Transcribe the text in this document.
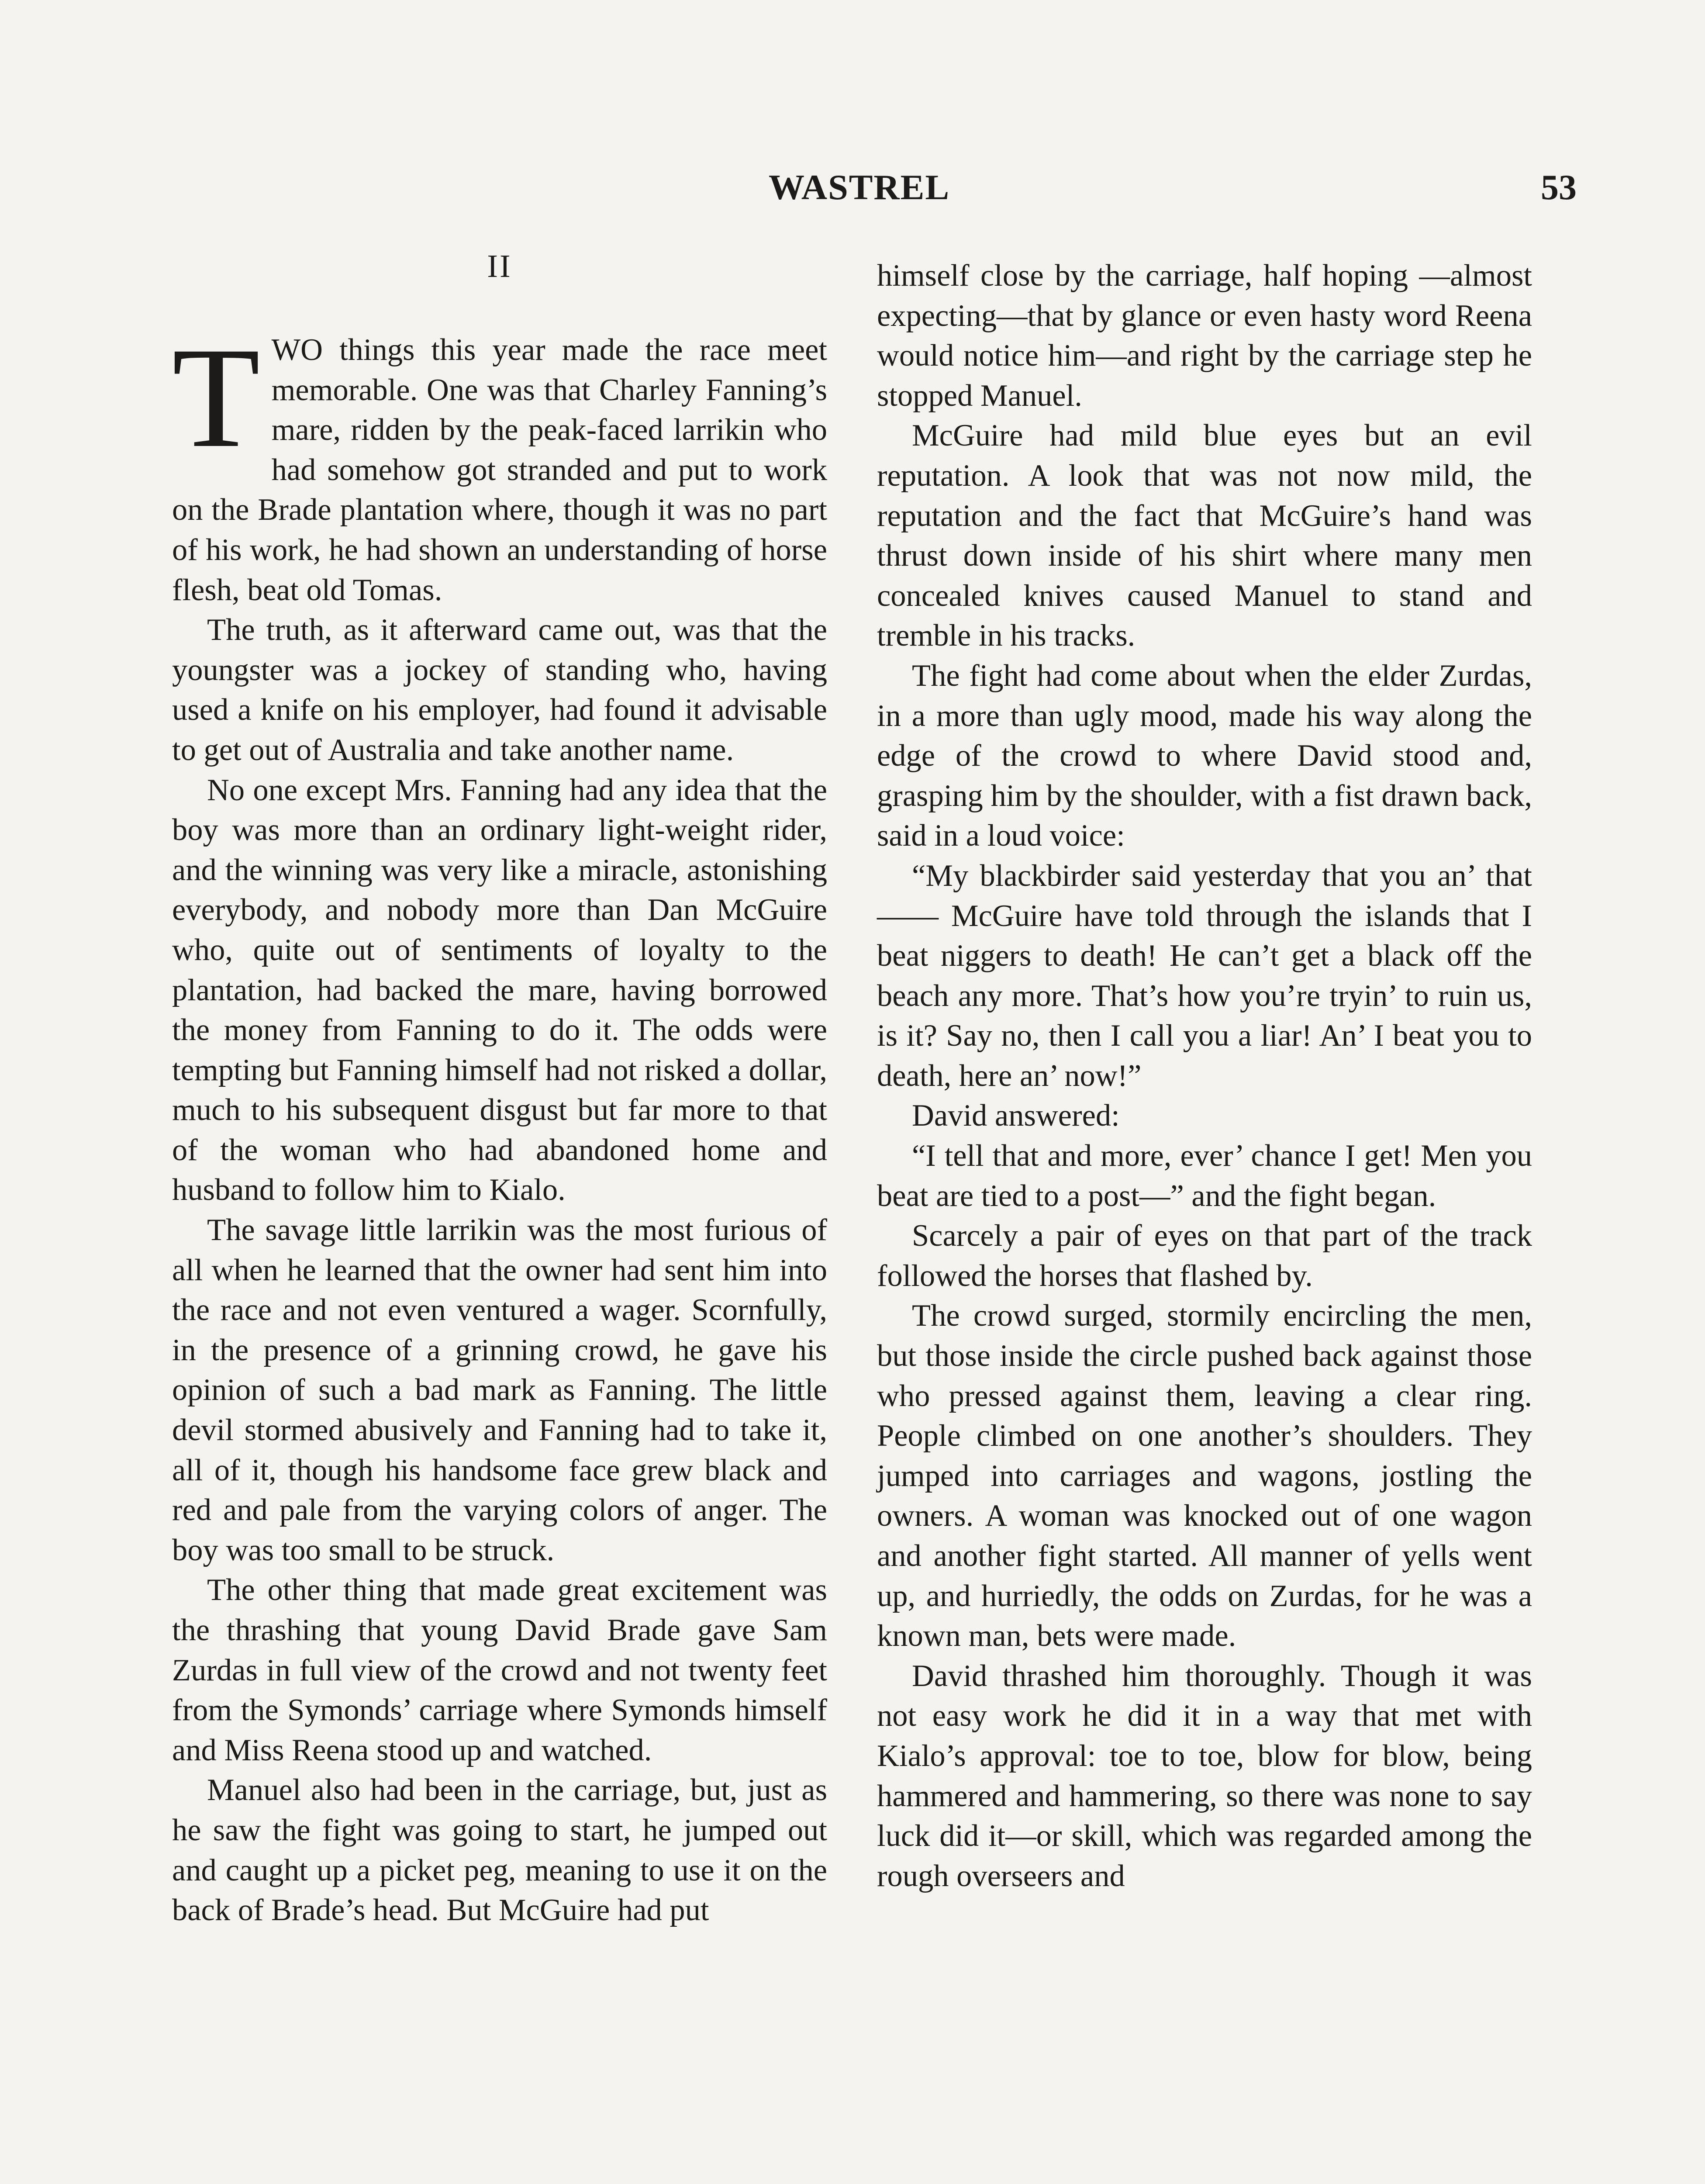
WASTREL	53
II

TWO things this year made the race meet memorable. One was that Charley Fanning’s mare, ridden by the peak-faced larrikin who had somehow got stranded and put to work on the Brade plantation where, though it was no part of his work, he had shown an understanding of horse flesh, beat old Tomas.

The truth, as it afterward came out, was that the youngster was a jockey of standing who, having used a knife on his employer, had found it advisable to get out of Australia and take another name.

No one except Mrs. Fanning had any idea that the boy was more than an ordinary light-weight rider, and the winning was very like a miracle, astonishing everybody, and nobody more than Dan McGuire who, quite out of sentiments of loyalty to the plantation, had backed the mare, having borrowed the money from Fanning to do it. The odds were tempting but Fanning himself had not risked a dollar, much to his subsequent disgust but far more to that of the woman who had abandoned home and husband to follow him to Kialo.

The savage little larrikin was the most furious of all when he learned that the owner had sent him into the race and not even ventured a wager. Scornfully, in the presence of a grinning crowd, he gave his opinion of such a bad mark as Fanning. The little devil stormed abusively and Fanning had to take it, all of it, though his handsome face grew black and red and pale from the varying colors of anger. The boy was too small to be struck.

The other thing that made great excitement was the thrashing that young David Brade gave Sam Zurdas in full view of the crowd and not twenty feet from the Symonds’ carriage where Symonds himself and Miss Reena stood up and watched.

Manuel also had been in the carriage, but, just as he saw the fight was going to start, he jumped out and caught up a picket peg, meaning to use it on the back of Brade’s head. But McGuire had put

himself close by the carriage, half hoping —almost expecting—that by glance or even hasty word Reena would notice him—and right by the carriage step he stopped Manuel.

McGuire had mild blue eyes but an evil reputation. A look that was not now mild, the reputation and the fact that McGuire’s hand was thrust down inside of his shirt where many men concealed knives caused Manuel to stand and tremble in his tracks.

The fight had come about when the elder Zurdas, in a more than ugly mood, made his way along the edge of the crowd to where David stood and, grasping him by the shoulder, with a fist drawn back, said in a loud voice:

“My blackbirder said yesterday that you an’ that —— McGuire have told through the islands that I beat niggers to death! He can’t get a black off the beach any more. That’s how you’re tryin’ to ruin us, is it? Say no, then I call you a liar! An’ I beat you to death, here an’ now!”

David answered:

“I tell that and more, ever’ chance I get! Men you beat are tied to a post—” and the fight began.

Scarcely a pair of eyes on that part of the track followed the horses that flashed by.

The crowd surged, stormily encircling the men, but those inside the circle pushed back against those who pressed against them, leaving a clear ring. People climbed on one another’s shoulders. They jumped into carriages and wagons, jostling the owners. A woman was knocked out of one wagon and another fight started. All manner of yells went up, and hurriedly, the odds on Zurdas, for he was a known man, bets were made.

David thrashed him thoroughly. Though it was not easy work he did it in a way that met with Kialo’s approval: toe to toe, blow for blow, being hammered and hammering, so there was none to say luck did it—or skill, which was regarded among the rough overseers and
